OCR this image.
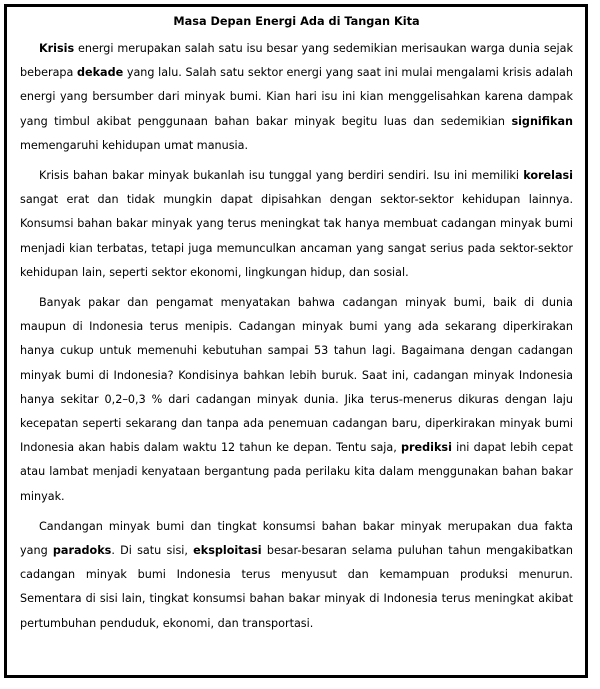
Masa Depan Energi Ada di Tangan Kita

Krisis energi merupakan salah satu isu besar yang sedemikian merisaukan warga dunia sejak beberapa dekade yang lalu. Salah satu sektor energi yang saat ini mulai mengalami krisis adalah energi yang bersumber dari minyak bumi. Kian hari isu ini kian menggelisahkan karena dampak yang timbul akibat penggunaan bahan bakar minyak begitu luas dan sedemikian signifikan memengaruhi kehidupan umat manusia.

Krisis bahan bakar minyak bukanlah isu tunggal yang berdiri sendiri. Isu ini memiliki korelasi sangat erat dan tidak mungkin dapat dipisahkan dengan sektor-sektor kehidupan lainnya. Konsumsi bahan bakar minyak yang terus meningkat tak hanya membuat cadangan minyak bumi menjadi kian terbatas, tetapi juga memunculkan ancaman yang sangat serius pada sektor-sektor kehidupan lain, seperti sektor ekonomi, lingkungan hidup, dan sosial.

Banyak pakar dan pengamat menyatakan bahwa cadangan minyak bumi, baik di dunia maupun di Indonesia terus menipis. Cadangan minyak bumi yang ada sekarang diperkirakan hanya cukup untuk memenuhi kebutuhan sampai 53 tahun lagi. Bagaimana dengan cadangan minyak bumi di Indonesia? Kondisinya bahkan lebih buruk. Saat ini, cadangan minyak Indonesia hanya sekitar 0,2–0,3 % dari cadangan minyak dunia. Jika terus-menerus dikuras dengan laju kecepatan seperti sekarang dan tanpa ada penemuan cadangan baru, diperkirakan minyak bumi Indonesia akan habis dalam waktu 12 tahun ke depan. Tentu saja, prediksi ini dapat lebih cepat atau lambat menjadi kenyataan bergantung pada perilaku kita dalam menggunakan bahan bakar minyak.

Candangan minyak bumi dan tingkat konsumsi bahan bakar minyak merupakan dua fakta yang paradoks. Di satu sisi, eksploitasi besar-besaran selama puluhan tahun mengakibatkan cadangan minyak bumi Indonesia terus menyusut dan kemampuan produksi menurun. Sementara di sisi lain, tingkat konsumsi bahan bakar minyak di Indonesia terus meningkat akibat pertumbuhan penduduk, ekonomi, dan transportasi.
